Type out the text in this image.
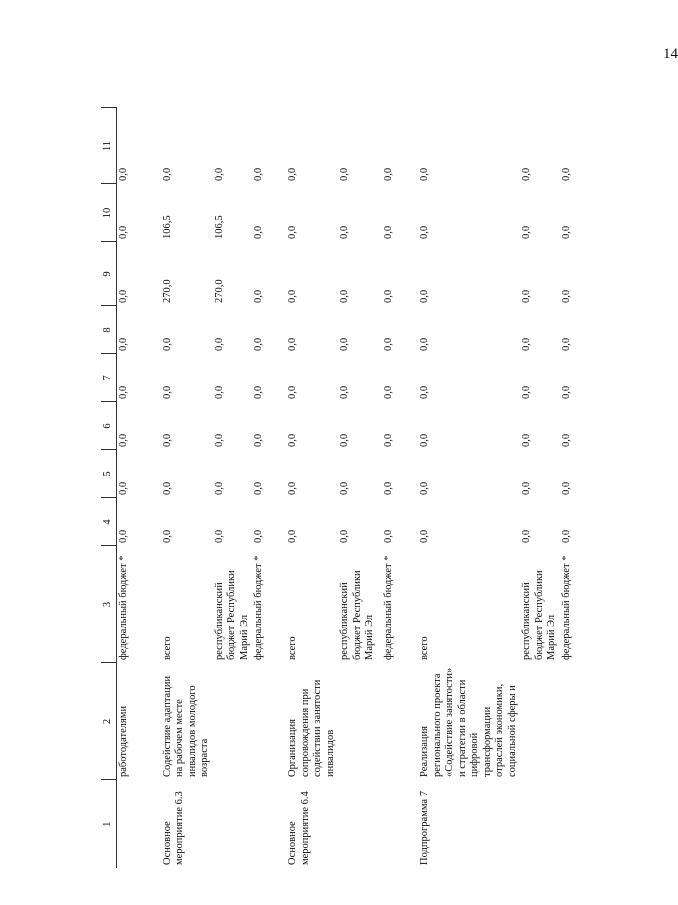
14
1	2	3	4	5	6	7	8	9	10	11
	работодателями	федеральный бюджет *	0,0	0,0	0,0	0,0	0,0	0,0	0,0	0,0
Основное мероприятие 6.3	Содействие адаптации на рабочем месте инвалидов молодого возраста	всего	0,0	0,0	0,0	0,0	0,0	270,0	106,5	0,0
		республиканский бюджет Республики Марий Эл	0,0	0,0	0,0	0,0	0,0	270,0	106,5	0,0
		федеральный бюджет *	0,0	0,0	0,0	0,0	0,0	0,0	0,0	0,0
Основное мероприятие 6.4	Организация сопровождения при содействии занятости инвалидов	всего	0,0	0,0	0,0	0,0	0,0	0,0	0,0	0,0
		республиканский бюджет Республики Марий Эл	0,0	0,0	0,0	0,0	0,0	0,0	0,0	0,0
		федеральный бюджет *	0,0	0,0	0,0	0,0	0,0	0,0	0,0	0,0
Подпрограмма 7	Реализация регионального проекта «Содействие занятости» и стратегии в области цифровой трансформации отраслей экономики, социальной сферы и	всего	0,0	0,0	0,0	0,0	0,0	0,0	0,0	0,0
		республиканский бюджет Республики Марий Эл	0,0	0,0	0,0	0,0	0,0	0,0	0,0	0,0
		федеральный бюджет *	0,0	0,0	0,0	0,0	0,0	0,0	0,0	0,0
